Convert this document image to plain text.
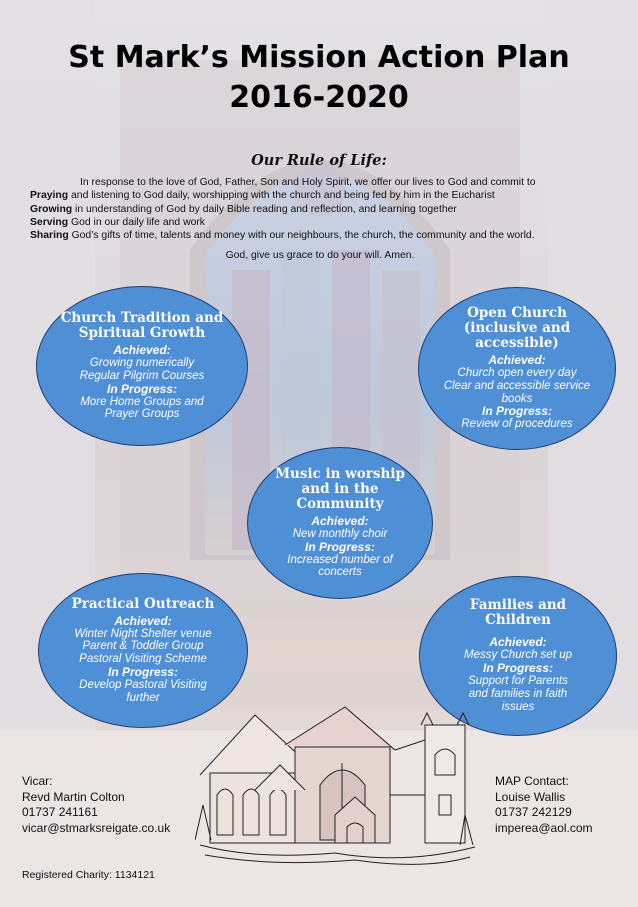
St Mark’s Mission Action Plan
2016-2020
Our Rule of Life:
In response to the love of God, Father, Son and Holy Spirit, we offer our lives to God and commit to
Praying and listening to God daily, worshipping with the church and being fed by him in the Eucharist
Growing in understanding of God by daily Bible reading and reflection, and learning together
Serving God in our daily life and work
Sharing God’s gifts of time, talents and money with our neighbours, the church, the community and the world.
God, give us grace to do your will. Amen.
Church Tradition and Spiritual Growth
Achieved:
Growing numerically
Regular Pilgrim Courses
In Progress:
More Home Groups and
Prayer Groups
Open Church (inclusive and accessible)
Achieved:
Church open every day
Clear and accessible service
books
In Progress:
Review of procedures
Music in worship and in the Community
Achieved:
New monthly choir
In Progress:
Increased number of
concerts
Practical Outreach
Achieved:
Winter Night Shelter venue
Parent & Toddler Group
Pastoral Visiting Scheme
In Progress:
Develop Pastoral Visiting
further
Families and Children
Achieved:
Messy Church set up
In Progress:
Support for Parents
and families in faith
issues
Vicar:
Revd Martin Colton
01737 241161
vicar@stmarksreigate.co.uk
MAP Contact:
Louise Wallis
01737 242129
imperea@aol.com
Registered Charity: 1134121
